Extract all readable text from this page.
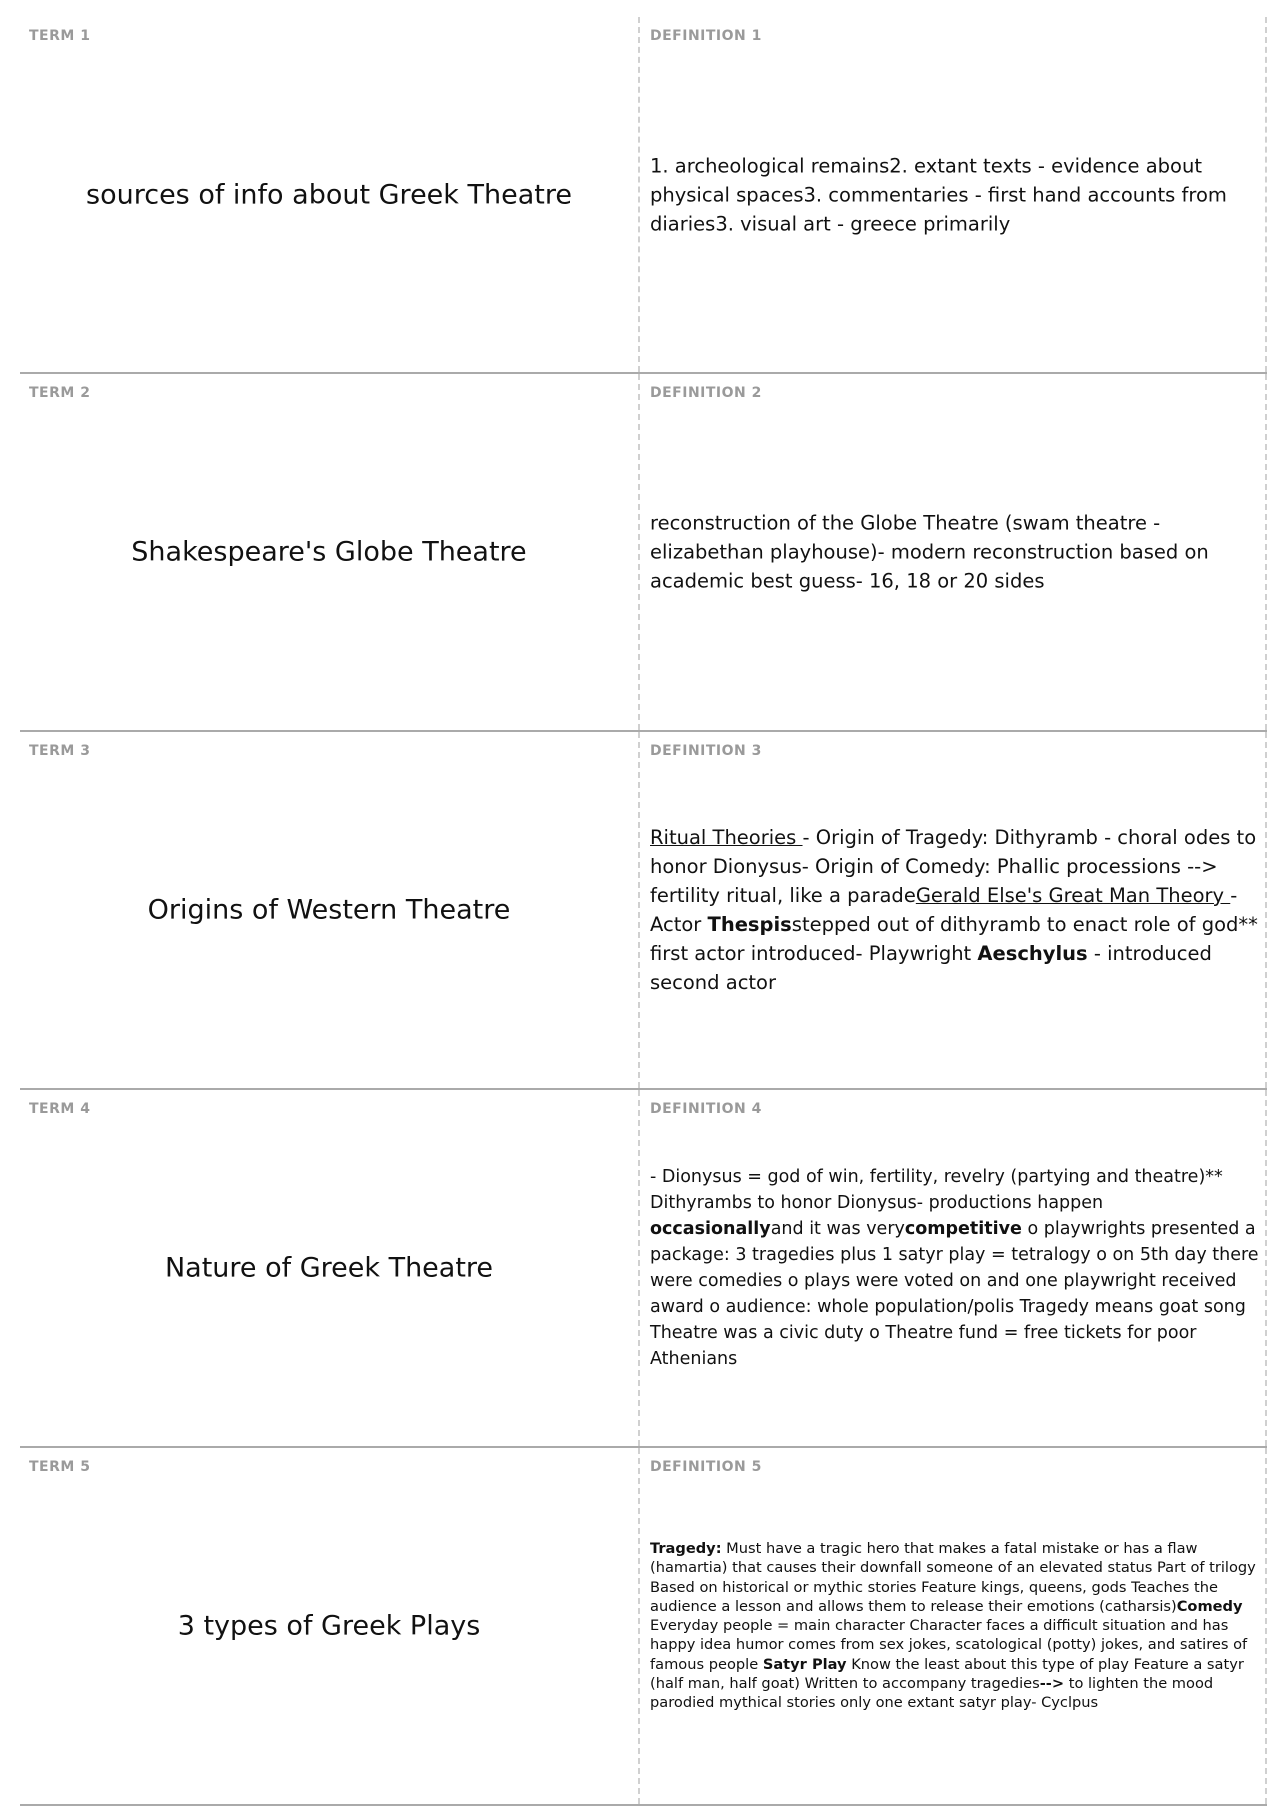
TERM 1
sources of info about Greek Theatre
DEFINITION 1
1. archeological remains2. extant texts - evidence about physical spaces3. commentaries - first hand accounts from diaries3. visual art - greece primarily
TERM 2
Shakespeare's Globe Theatre
DEFINITION 2
reconstruction of the Globe Theatre (swam theatre - elizabethan playhouse)- modern reconstruction based on academic best guess- 16, 18 or 20 sides
TERM 3
Origins of Western Theatre
DEFINITION 3
Ritual Theories - Origin of Tragedy: Dithyramb - choral odes to honor Dionysus- Origin of Comedy: Phallic processions --> fertility ritual, like a paradeGerald Else's Great Man Theory - Actor Thespisstepped out of dithyramb to enact role of god** first actor introduced- Playwright Aeschylus - introduced second actor
TERM 4
Nature of Greek Theatre
DEFINITION 4
- Dionysus = god of win, fertility, revelry (partying and theatre)** Dithyrambs to honor Dionysus- productions happen occasionallyand it was verycompetitive o playwrights presented a package: 3 tragedies plus 1 satyr play = tetralogy o on 5th day there were comedies o plays were voted on and one playwright received award o audience: whole population/polis Tragedy means goat song Theatre was a civic duty o Theatre fund = free tickets for poor Athenians
TERM 5
3 types of Greek Plays
DEFINITION 5
Tragedy: Must have a tragic hero that makes a fatal mistake or has a flaw (hamartia) that causes their downfall someone of an elevated status Part of trilogy Based on historical or mythic stories Feature kings, queens, gods Teaches the audience a lesson and allows them to release their emotions (catharsis)Comedy Everyday people = main character Character faces a difficult situation and has happy idea humor comes from sex jokes, scatological (potty) jokes, and satires of famous people Satyr Play Know the least about this type of play Feature a satyr (half man, half goat) Written to accompany tragedies--> to lighten the mood parodied mythical stories only one extant satyr play- Cyclpus
